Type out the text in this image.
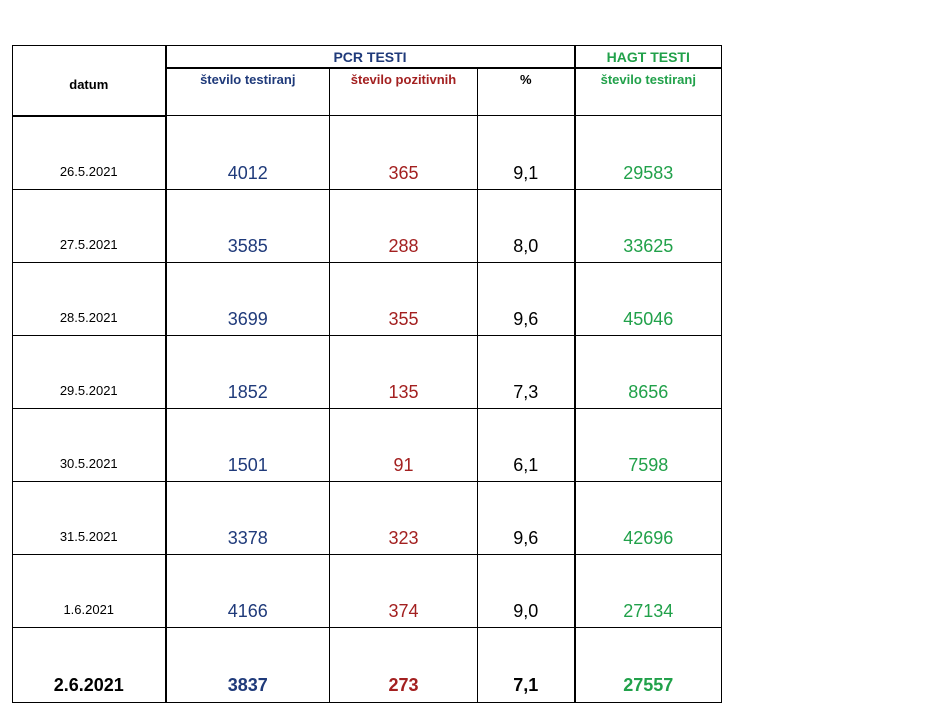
datum	PCR TESTI			HAGT TESTI
	število testiranj	število pozitivnih	%	število testiranj
26.5.2021	4012	365	9,1	29583
27.5.2021	3585	288	8,0	33625
28.5.2021	3699	355	9,6	45046
29.5.2021	1852	135	7,3	8656
30.5.2021	1501	91	6,1	7598
31.5.2021	3378	323	9,6	42696
1.6.2021	4166	374	9,0	27134
2.6.2021	3837	273	7,1	27557
